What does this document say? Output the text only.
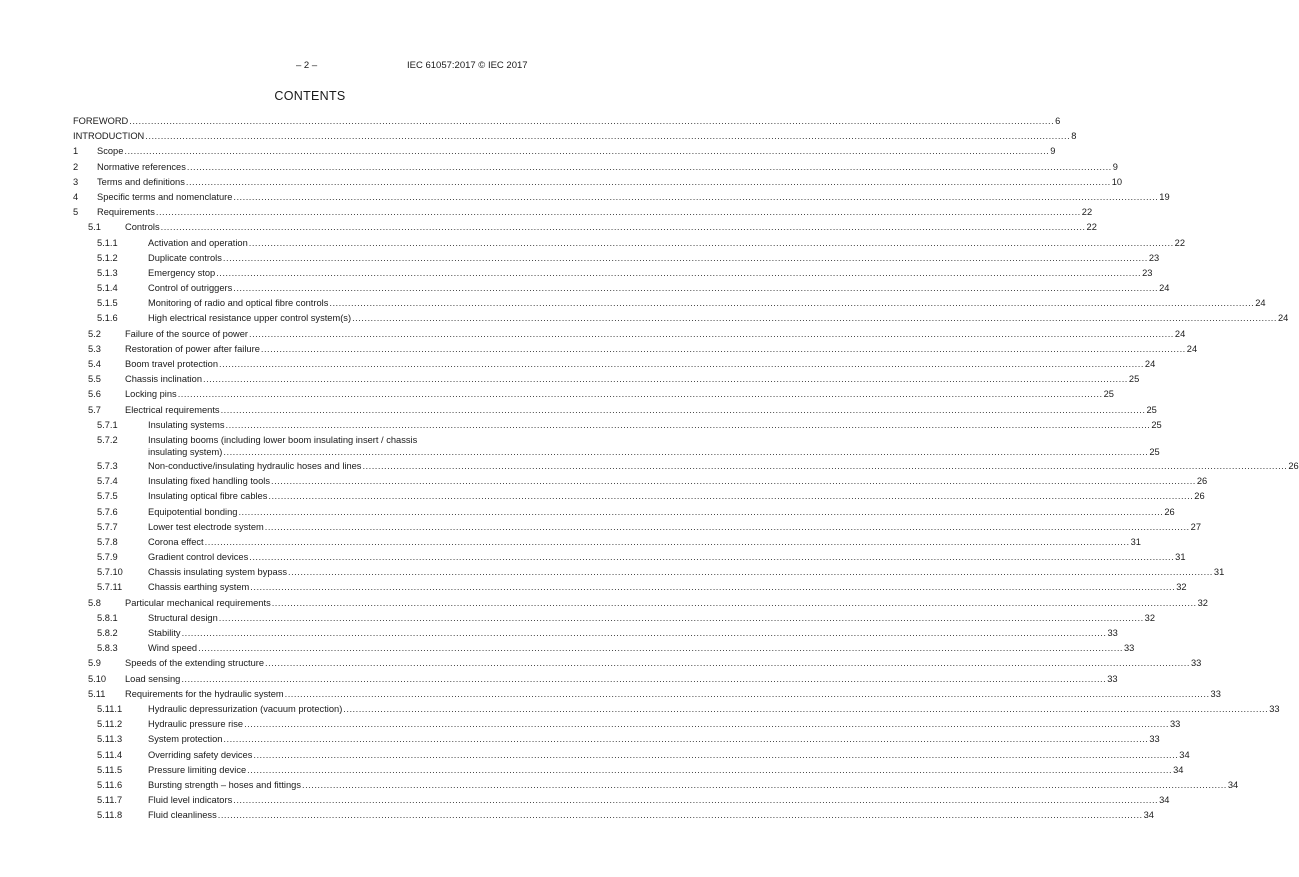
– 2 –	IEC 61057:2017 © IEC 2017
CONTENTS
FOREWORD ............................................................................................................................................................................................................................................................................................................ 6
INTRODUCTION ............................................................................................................................................................................................................................................................................................................ 8
1 Scope ............................................................................................................................................................................................................................................................................................................ 9
2 Normative references ............................................................................................................................................................................................................................................................................................................ 9
3 Terms and definitions ............................................................................................................................................................................................................................................................................................................ 10
4 Specific terms and nomenclature ............................................................................................................................................................................................................................................................................................................ 19
5 Requirements ............................................................................................................................................................................................................................................................................................................ 22
5.1	Controls ............................................................................................................................................................................................................................................................................................................ 22
5.1.1	Activation and operation ............................................................................................................................................................................................................................................................................................................ 22
5.1.2	Duplicate controls ............................................................................................................................................................................................................................................................................................................ 23
5.1.3	Emergency stop ............................................................................................................................................................................................................................................................................................................ 23
5.1.4	Control of outriggers ............................................................................................................................................................................................................................................................................................................ 24
5.1.5	Monitoring of radio and optical fibre controls ............................................................................................................................................................................................................................................................................................................ 24
5.1.6	High electrical resistance upper control system(s) ............................................................................................................................................................................................................................................................................................................ 24
5.2	Failure of the source of power ............................................................................................................................................................................................................................................................................................................ 24
5.3	Restoration of power after failure ............................................................................................................................................................................................................................................................................................................ 24
5.4	Boom travel protection ............................................................................................................................................................................................................................................................................................................ 24
5.5	Chassis inclination ............................................................................................................................................................................................................................................................................................................ 25
5.6	Locking pins ............................................................................................................................................................................................................................................................................................................ 25
5.7	Electrical requirements ............................................................................................................................................................................................................................................................................................................ 25
5.7.1	Insulating systems ............................................................................................................................................................................................................................................................................................................ 25
5.7.2	Insulating booms (including lower boom insulating insert / chassis
insulating system) ............................................................................................................................................................................................................................................................................................................ 25
5.7.3	Non-conductive/insulating hydraulic hoses and lines ............................................................................................................................................................................................................................................................................................................ 26
5.7.4	Insulating fixed handling tools ............................................................................................................................................................................................................................................................................................................ 26
5.7.5	Insulating optical fibre cables ............................................................................................................................................................................................................................................................................................................ 26
5.7.6	Equipotential bonding ............................................................................................................................................................................................................................................................................................................ 26
5.7.7	Lower test electrode system ............................................................................................................................................................................................................................................................................................................ 27
5.7.8	Corona effect ............................................................................................................................................................................................................................................................................................................ 31
5.7.9	Gradient control devices ............................................................................................................................................................................................................................................................................................................ 31
5.7.10	Chassis insulating system bypass ............................................................................................................................................................................................................................................................................................................ 31
5.7.11	Chassis earthing system ............................................................................................................................................................................................................................................................................................................ 32
5.8	Particular mechanical requirements ............................................................................................................................................................................................................................................................................................................ 32
5.8.1	Structural design ............................................................................................................................................................................................................................................................................................................ 32
5.8.2	Stability ............................................................................................................................................................................................................................................................................................................ 33
5.8.3	Wind speed ............................................................................................................................................................................................................................................................................................................ 33
5.9	Speeds of the extending structure ............................................................................................................................................................................................................................................................................................................ 33
5.10 Load sensing ............................................................................................................................................................................................................................................................................................................ 33
5.11 Requirements for the hydraulic system ............................................................................................................................................................................................................................................................................................................ 33
5.11.1	Hydraulic depressurization (vacuum protection) ............................................................................................................................................................................................................................................................................................................ 33
5.11.2	Hydraulic pressure rise ............................................................................................................................................................................................................................................................................................................ 33
5.11.3	System protection ............................................................................................................................................................................................................................................................................................................ 33
5.11.4	Overriding safety devices ............................................................................................................................................................................................................................................................................................................ 34
5.11.5	Pressure limiting device ............................................................................................................................................................................................................................................................................................................ 34
5.11.6	Bursting strength – hoses and fittings ............................................................................................................................................................................................................................................................................................................ 34
5.11.7	Fluid level indicators ............................................................................................................................................................................................................................................................................................................ 34
5.11.8	Fluid cleanliness ............................................................................................................................................................................................................................................................................................................ 34
